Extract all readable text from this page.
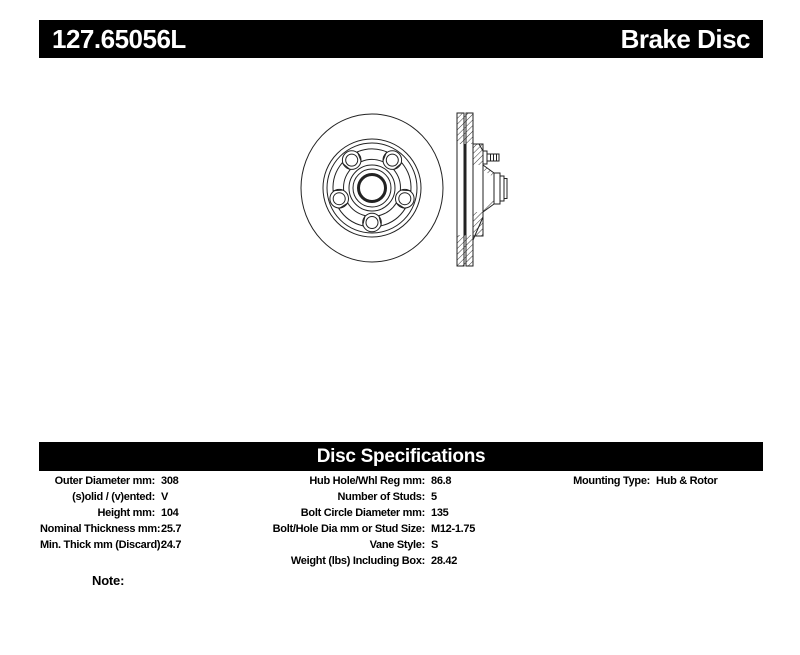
127.65056L	Brake Disc
Disc Specifications
Outer Diameter mm: 308
(s)olid / (v)ented: V
Height mm: 104
Nominal Thickness mm: 25.7
Min. Thick mm (Discard):
24.7
Hub Hole/Whl Reg mm: 86.8
Number of Studs: 5
Bolt Circle Diameter mm: 135
Bolt/Hole Dia mm or Stud Size: M12-1.75
Vane Style: S
Weight (lbs) Including Box: 28.42
Mounting Type: Hub & Rotor
Note:
